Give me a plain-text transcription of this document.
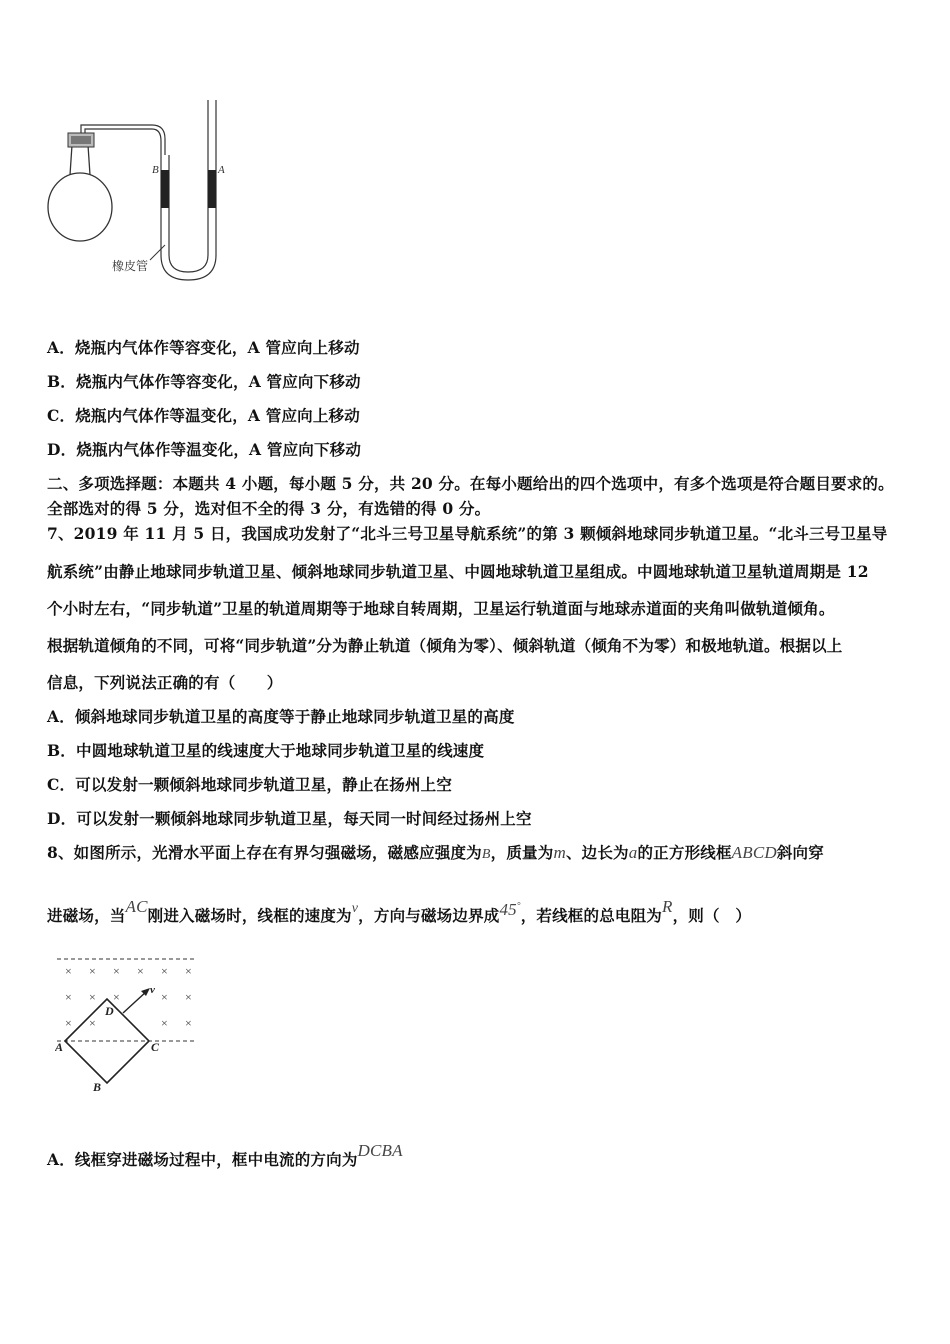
B	A
橡皮管
A．烧瓶内气体作等容变化，A 管应向上移动
B．烧瓶内气体作等容变化，A 管应向下移动
C．烧瓶内气体作等温变化，A 管应向上移动
D．烧瓶内气体作等温变化，A 管应向下移动
二、多项选择题：本题共 4 小题，每小题 5 分，共 20 分。在每小题给出的四个选项中，有多个选项是符合题目要求的。
全部选对的得 5 分，选对但不全的得 3 分，有选错的得 0 分。
7、2019 年 11 月 5 日，我国成功发射了“北斗三号卫星导航系统”的第 3 颗倾斜地球同步轨道卫星。“北斗三号卫星导
航系统”由静止地球同步轨道卫星、倾斜地球同步轨道卫星、中圆地球轨道卫星组成。中圆地球轨道卫星轨道周期是 12
个小时左右，“同步轨道”卫星的轨道周期等于地球自转周期，卫星运行轨道面与地球赤道面的夹角叫做轨道倾角。
根据轨道倾角的不同，可将“同步轨道”分为静止轨道（倾角为零）、倾斜轨道（倾角不为零）和极地轨道。根据以上
信息，下列说法正确的有（　　）
A．倾斜地球同步轨道卫星的高度等于静止地球同步轨道卫星的高度
B．中圆地球轨道卫星的线速度大于地球同步轨道卫星的线速度
C．可以发射一颗倾斜地球同步轨道卫星，静止在扬州上空
D．可以发射一颗倾斜地球同步轨道卫星，每天同一时间经过扬州上空
8、如图所示，光滑水平面上存在有界匀强磁场，磁感应强度为B，质量为m、边长为a的正方形线框ABCD斜向穿
进磁场，当AC刚进入磁场时，线框的速度为v，方向与磁场边界成45°，若线框的总电阻为R，则（　）
× × × × × ×
× × ×	× ×
× ×	× ×
v
A	C
D
B
A．线框穿进磁场过程中，框中电流的方向为DCBA
